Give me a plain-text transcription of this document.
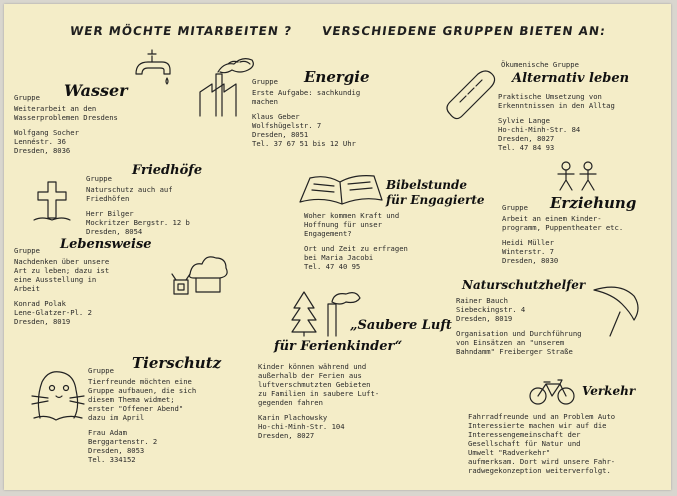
WER MÖCHTE MITARBEITEN ? VERSCHIEDENE GRUPPEN BIETEN AN:
Gruppe Wasser
Weiterarbeit an den
Wasserproblemen Dresdens
Wolfgang Socher
Lennéstr. 36
Dresden, 8036
Gruppe Energie
Erste Aufgabe: sachkundig
machen
Klaus Geber
Wolfshügelstr. 7
Dresden, 8051
Tel. 37 67 51 bis 12 Uhr
Ökumenische Gruppe
Alternativ leben
Praktische Umsetzung von
Erkenntnissen in den Alltag
Sylvie Lange
Ho-chi-Minh-Str. 84
Dresden, 8027
Tel. 47 84 93
Gruppe
Friedhöfe
Naturschutz auch auf
Friedhöfen
Herr Bilger
Mockritzer Bergstr. 12 b
Dresden, 8054
Bibelstunde
für Engagierte
Woher kommen Kraft und
Hoffnung für unser
Engagement?
Ort und Zeit zu erfragen
bei Maria Jacobi
Tel. 47 40 95
Gruppe Erziehung
Arbeit an einem Kinder-
programm, Puppentheater etc.
Heidi Müller
Winterstr. 7
Dresden, 8030
Gruppe Lebensweise
Nachdenken über unsere
Art zu leben; dazu ist
eine Ausstellung in
Arbeit
Konrad Polak
Lene-Glatzer-Pl. 2
Dresden, 8019
Naturschutzhelfer
Rainer Bauch
Siebeckingstr. 4
Dresden, 8019
Organisation und Durchführung
von Einsätzen an "unserem
Bahndamm" Freiberger Straße
„Saubere Luft
für Ferienkinder“
Kinder können während und
außerhalb der Ferien aus
luftverschmutzten Gebieten
zu Familien in saubere Luft-
gegenden fahren
Karin Plachowsky
Ho-chi-Minh-Str. 104
Dresden, 8027
Gruppe Tierschutz
Tierfreunde möchten eine
Gruppe aufbauen, die sich
diesem Thema widmet;
erster "Offener Abend"
dazu im April
Frau Adam
Berggartenstr. 2
Dresden, 8053
Tel. 334152
Verkehr
Fahrradfreunde und an Problem Auto
Interessierte machen wir auf die
Interessengemeinschaft der
Gesellschaft für Natur und
Umwelt "Radverkehr"
aufmerksam. Dort wird unsere Fahr-
radwegekonzeption weiterverfolgt.
